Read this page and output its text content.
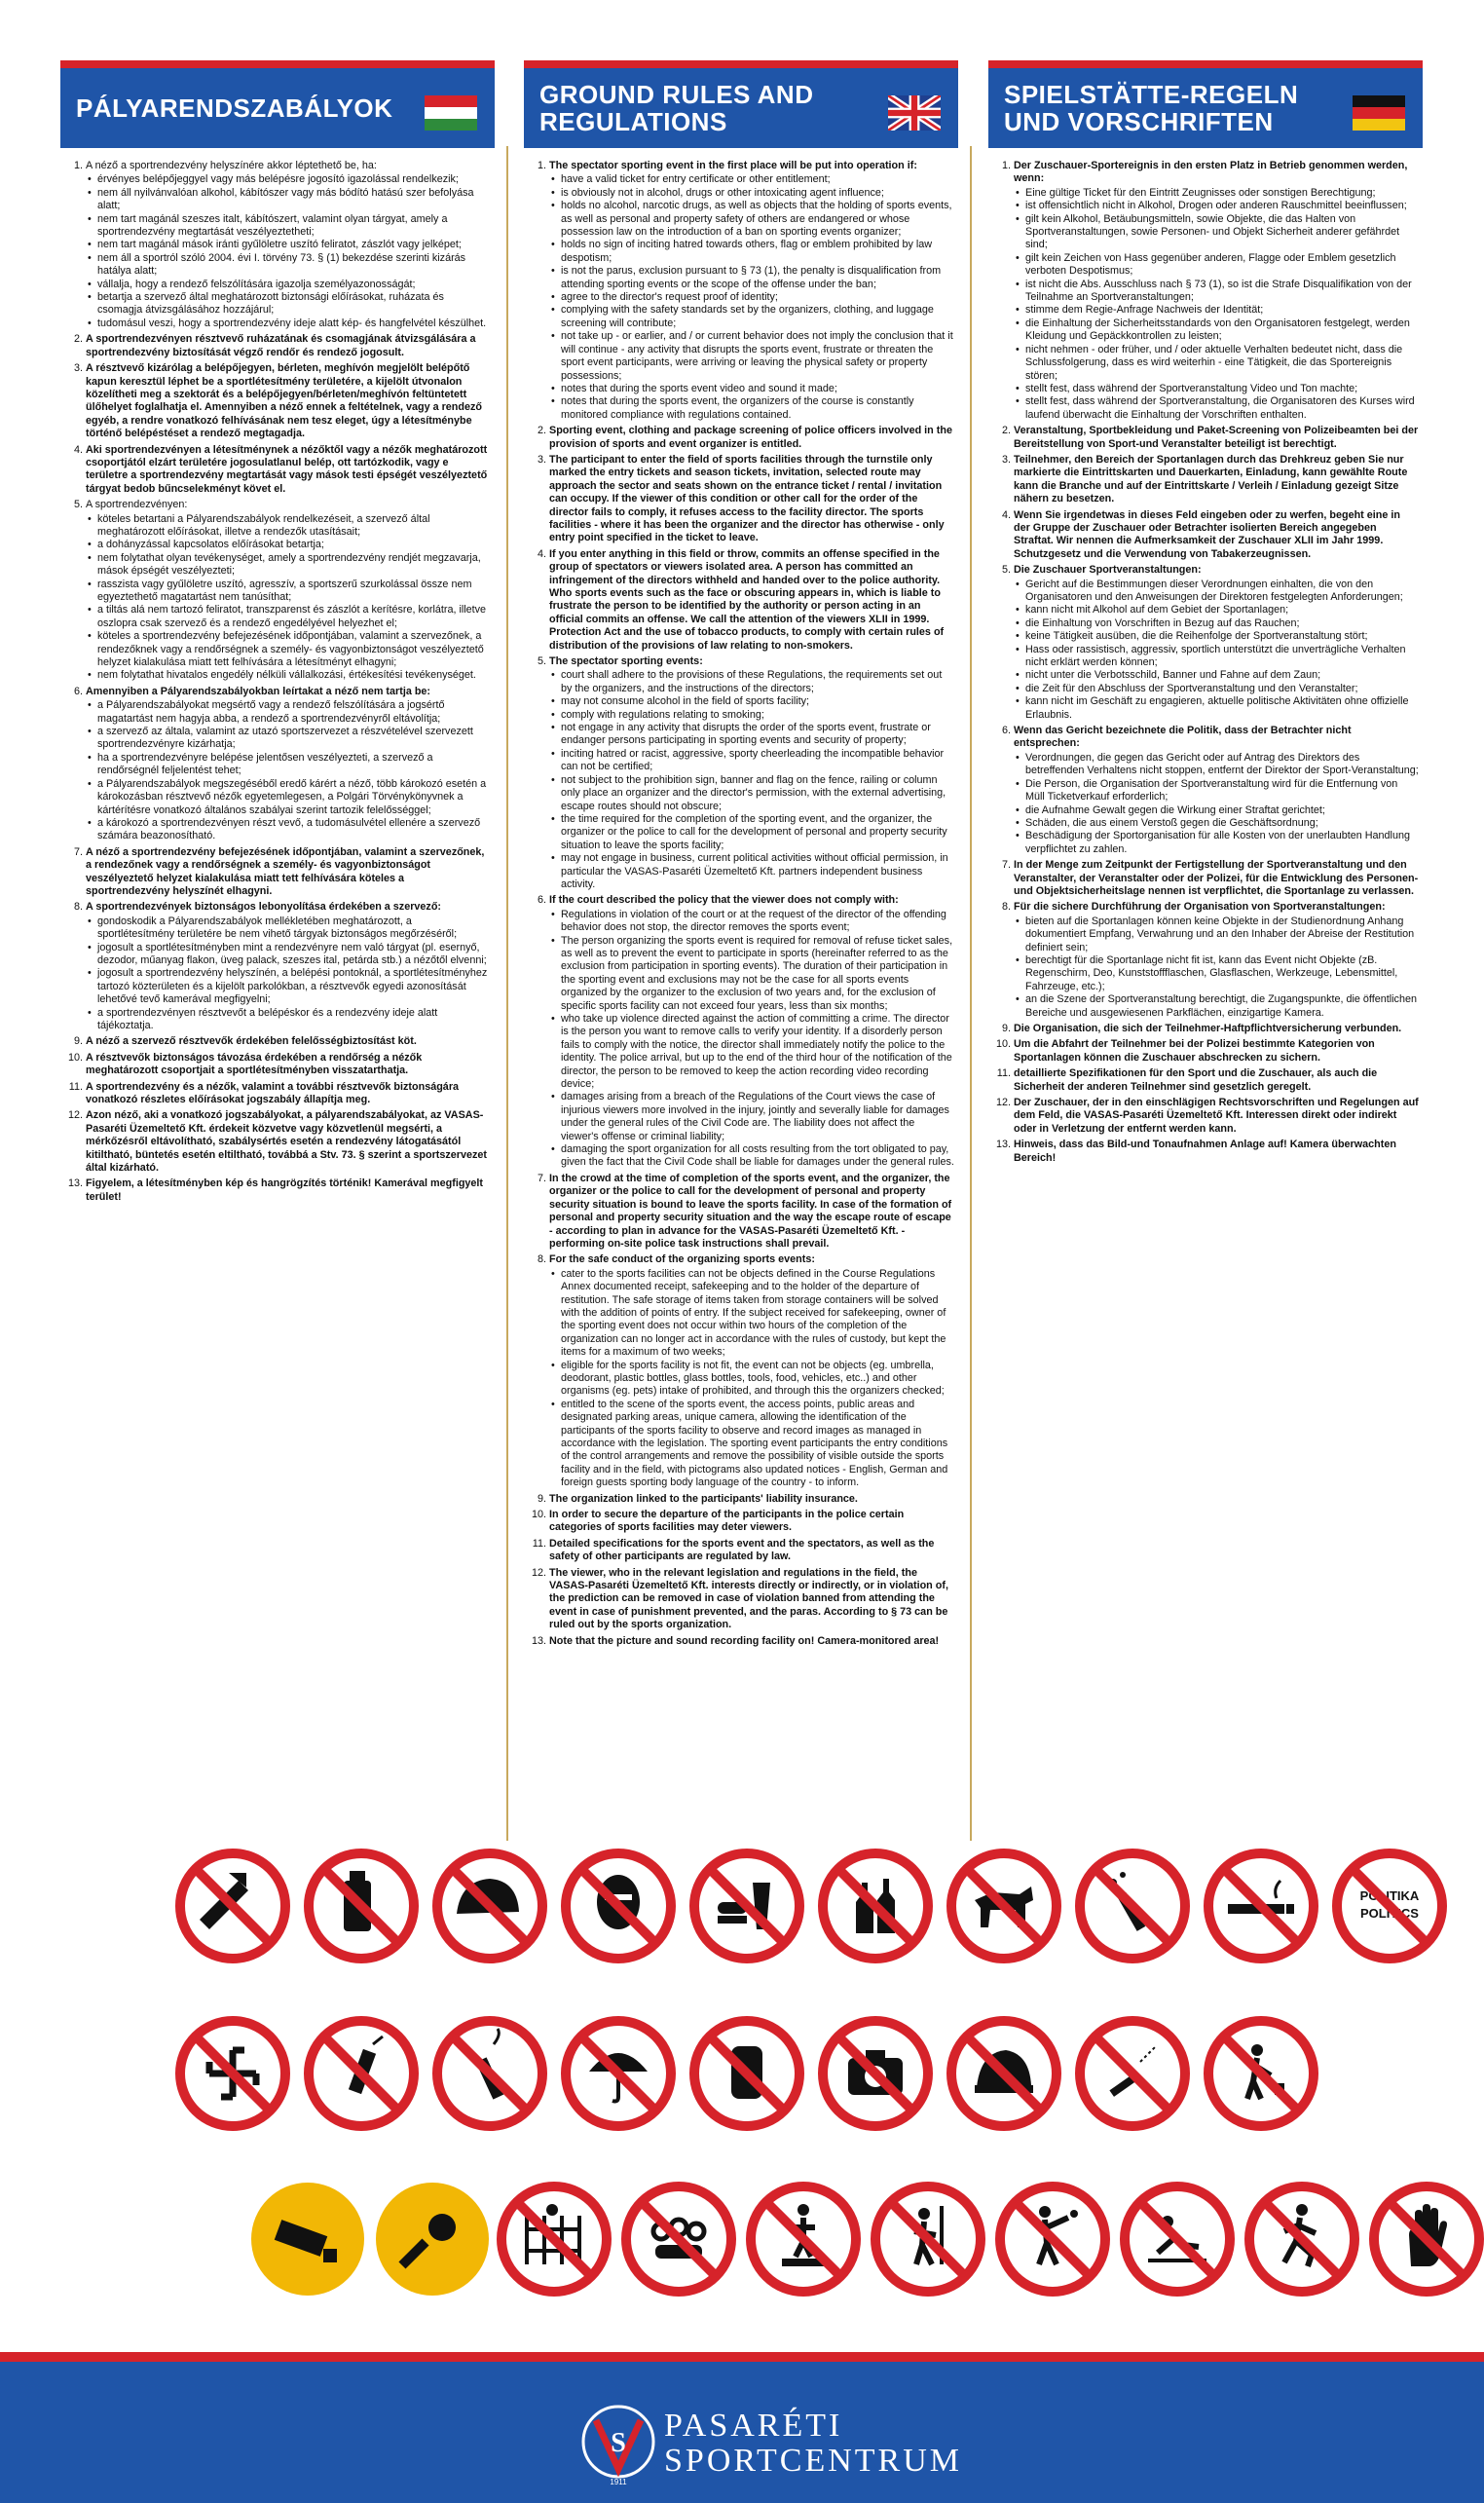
PÁLYARENDSZABÁLYOK
1. A néző a sportrendezvény helyszínére akkor léptethető be, ha:
• érvényes belépőjeggyel vagy más belépésre jogosító igazolással rendelkezik;
• nem áll nyilvánvalóan alkohol, kábítószer vagy más bódító hatású szer befolyása alatt;
• nem tart magánál szeszes italt, kábítószert, valamint olyan tárgyat, amely a sportrendezvény megtartását veszélyeztetheti;
• nem tart magánál mások iránti gyűlöletre uszító feliratot, zászlót vagy jelképet;
• nem áll a sportról szóló 2004. évi I. törvény 73. § (1) bekezdése szerinti kizárás hatálya alatt;
• vállalja, hogy a rendező felszólítására igazolja személyazonosságát;
• betartja a szervező által meghatározott biztonsági előírásokat, ruházata és csomagja átvizsgálásához hozzájárul;
• tudomásul veszi, hogy a sportrendezvény ideje alatt kép- és hangfelvétel készülhet.
2. A sportrendezvényen résztvevő ruházatának és csomagjának átvizsgálására a sportrendezvény biztosítását végző rendőr és rendező jogosult.
3. A résztvevő kizárólag a belépőjegyen, bérleten, meghívón megjelölt belépőtő kapun keresztül léphet be a sportlétesítmény területére, a kijelölt útvonalon közelítheti meg a szektorát és a belépőjegyen/bérleten/meghívón feltüntetett ülőhelyet foglalhatja el. Amennyiben a néző ennek a feltételnek, vagy a rendező egyéb, a rendre vonatkozó felhívásának nem tesz eleget, úgy a létesítménybe történő belépéstéset a rendező megtagadja.
4. Aki sportrendezvényen a létesítménynek a nézőktől vagy a nézők meghatározott csoportjától elzárt területére jogosulatlanul belép, ott tartózkodik, vagy e területre a sportrendezvény megtartását vagy mások testi épségét veszélyeztető tárgyat bedob bűncselekményt követ el.
5. A sportrendezvényen:
• köteles betartani a Pályarendszabályok rendelkezéseit, a szervező által meghatározott előírásokat, illetve a rendezők utasításait;
• a dohányzással kapcsolatos előírásokat betartja;
• nem folytathat olyan tevékenységet, amely a sportrendezvény rendjét megzavarja, mások épségét veszélyezteti;
• rasszista vagy gyűlöletre uszító, agresszív, a sportszerű szurkolással össze nem egyeztethető magatartást nem tanúsíthat;
• a tiltás alá nem tartozó feliratot, transzparenst és zászlót a kerítésre, korlátra, illetve oszlopra csak szervező és a rendező engedélyével helyezhet el;
• köteles a sportrendezvény befejezésének időpontjában, valamint a szervezőnek, a rendezőknek vagy a rendőrségnek a személy- és vagyonbiztonságot veszélyeztető helyzet kialakulása miatt tett felhívására a létesítményt elhagyni;
• nem folytathat hivatalos engedély nélküli vállalkozási, értékesítési tevékenységet.
6. Amennyiben a Pályarendszabályokban leírtakat a néző nem tartja be:
• a Pályarendszabályokat megsértő vagy a rendező felszólítására a jogsértő magatartást nem hagyja abba, a rendező a sportrendezvényről eltávolítja;
• a szervező az általa, valamint az utazó sportszervezet a részvételével szervezett sportrendezvényre kizárhatja;
• ha a sportrendezvényre belépése jelentősen veszélyezteti, a szervező a rendőrségnél feljelentést tehet;
• a Pályarendszabályok megszegéséből eredő kárért a néző, több károkozó esetén a károkozásban résztvevő nézők egyetemlegesen, a Polgári Törvénykönyvnek a kártérítésre vonatkozó általános szabályai szerint tartozik felelősséggel;
• a károkozó a sportrendezvényen részt vevő, a tudomásulvétel ellenére a szervező számára beazonosítható.
7. A néző a sportrendezvény befejezésének időpontjában, valamint a szervezőnek, a rendezőnek vagy a rendőrségnek a személy- és vagyonbiztonságot veszélyeztető helyzet kialakulása miatt tett felhívására köteles a sportrendezvény helyszínét elhagyni.
8. A sportrendezvények biztonságos lebonyolítása érdekében a szervező:
• gondoskodik a Pályarendszabályok mellékletében meghatározott, a sportlétesítmény területére be nem vihető tárgyak biztonságos megőrzéséről;
• jogosult a sportlétesítményben mint a rendezvényre nem való tárgyat (pl. esernyő, dezodor, műanyag flakon, üveg palack, szeszes ital, petárda stb.) a nézőtől elvenni;
• jogosult a sportrendezvény helyszínén, a belépési pontoknál, a sportlétesítményhez tartozó közterületen és a kijelölt parkolókban, a résztvevők egyedi azonosítását lehetővé tevő kamerával megfigyelni;
• a sportrendezvényen résztvevőt a belépéskor és a rendezvény ideje alatt tájékoztatja.
9. A néző a szervező résztvevők érdekében felelősségbiztosítást köt.
10. A résztvevők biztonságos távozása érdekében a rendőrség a nézők meghatározott csoportjait a sportlétesítményben visszatarthatja.
11. A sportrendezvény és a nézők, valamint a további résztvevők biztonságára vonatkozó részletes előírásokat jogszabály állapítja meg.
12. Azon néző, aki a vonatkozó jogszabályokat, a pályarendszabályokat, az VASAS-Pasaréti Üzemeltető Kft. érdekeit közvetve vagy közvetlenül megsérti, a mérkőzésről eltávolítható, szabálysértés esetén a rendezvény látogatásától kitiltható, büntetés esetén eltiltható, továbbá a Stv. 73. § szerint a sportszervezet által kizárható.
13. Figyelem, a létesítményben kép és hangrögzítés történik! Kamerával megfigyelt terület!
GROUND RULES AND REGULATIONS
1. The spectator sporting event in the first place will be put into operation if:
• have a valid ticket for entry certificate or other entitlement;
• is obviously not in alcohol, drugs or other intoxicating agent influence;
• holds no alcohol, narcotic drugs, as well as objects that the holding of sports events, as well as personal and property safety of others are endangered or whose possession law on the introduction of a ban on sporting events organizer;
• holds no sign of inciting hatred towards others, flag or emblem prohibited by law despotism;
• is not the parus, exclusion pursuant to § 73 (1), the penalty is disqualification from attending sporting events or the scope of the offense under the ban;
• agree to the director's request proof of identity;
• complying with the safety standards set by the organizers, clothing, and luggage screening will contribute;
• not take up - or earlier, and / or current behavior does not imply the conclusion that it will continue - any activity that disrupts the sports event, frustrate or threaten the sport event participants, were arriving or leaving the physical safety or property possessions;
• notes that during the sports event video and sound it made;
• notes that during the sports event, the organizers of the course is constantly monitored compliance with regulations contained.
2. Sporting event, clothing and package screening of police officers involved in the provision of sports and event organizer is entitled.
3. The participant to enter the field of sports facilities through the turnstile only marked the entry tickets and season tickets, invitation, selected route may approach the sector and seats shown on the entrance ticket / rental / invitation can occupy. If the viewer of this condition or other call for the order of the director fails to comply, it refuses access to the facility director. The sports facilities - where it has been the organizer and the director has otherwise - only entry point specified in the ticket to leave.
4. If you enter anything in this field or throw, commits an offense specified in the group of spectators or viewers isolated area. A person has committed an infringement of the directors withheld and handed over to the police authority. Who sports events such as the face or obscuring appears in, which is liable to frustrate the person to be identified by the authority or person acting in an official commits an offense. We call the attention of the viewers XLII in 1999. Protection Act and the use of tobacco products, to comply with certain rules of distribution of the provisions of law relating to non-smokers.
5. The spectator sporting events:
• court shall adhere to the provisions of these Regulations, the requirements set out by the organizers, and the instructions of the directors;
• may not consume alcohol in the field of sports facility;
• comply with regulations relating to smoking;
• not engage in any activity that disrupts the order of the sports event, frustrate or endanger persons participating in sporting events and security of property;
• inciting hatred or racist, aggressive, sporty cheerleading the incompatible behavior can not be certified;
• not subject to the prohibition sign, banner and flag on the fence, railing or column only place an organizer and the director's permission, with the external advertising, escape routes should not obscure;
• the time required for the completion of the sporting event, and the organizer, the organizer or the police to call for the development of personal and property security situation to leave the sports facility;
• may not engage in business, current political activities without official permission, in particular the VASAS-Pasaréti Üzemeltető Kft. partners independent business activity.
6. If the court described the policy that the viewer does not comply with:
• Regulations in violation of the court or at the request of the director of the offending behavior does not stop, the director removes the sports event;
• The person organizing the sports event is required for removal of refuse ticket sales, as well as to prevent the event to participate in sports (hereinafter referred to as the exclusion from participation in sporting events). The duration of their participation in the sporting event and exclusions may not be the case for all sports events organized by the organizer to the exclusion of two years and, for the exclusion of specific sports facility can not exceed four years, less than six months;
• who take up violence directed against the action of committing a crime. The director is the person you want to remove calls to verify your identity. If a disorderly person fails to comply with the notice, the director shall immediately notify the police to the identity. The police arrival, but up to the end of the third hour of the notification of the director, the person to be removed to keep the action recording video recording device;
• damages arising from a breach of the Regulations of the Court views the case of injurious viewers more involved in the injury, jointly and severally liable for damages under the general rules of the Civil Code are. The liability does not affect the viewer's offense or criminal liability;
• damaging the sport organization for all costs resulting from the tort obligated to pay, given the fact that the Civil Code shall be liable for damages under the general rules.
7. In the crowd at the time of completion of the sports event, and the organizer, the organizer or the police to call for the development of personal and property security situation is bound to leave the sports facility. In case of the formation of personal and property security situation and the way the escape route of escape - according to plan in advance for the VASAS-Pasaréti Üzemeltető Kft. - performing on-site police task instructions shall prevail.
8. For the safe conduct of the organizing sports events:
• cater to the sports facilities can not be objects defined in the Course Regulations Annex documented receipt, safekeeping and to the holder of the departure of restitution. The safe storage of items taken from storage containers will be solved with the addition of points of entry. If the subject received for safekeeping, owner of the sporting event does not occur within two hours of the completion of the organization can no longer act in accordance with the rules of custody, but kept the items for a maximum of two weeks;
• eligible for the sports facility is not fit, the event can not be objects (eg. umbrella, deodorant, plastic bottles, glass bottles, tools, food, vehicles, etc..) and other organisms (eg. pets) intake of prohibited, and through this the organizers checked;
• entitled to the scene of the sports event, the access points, public areas and designated parking areas, unique camera, allowing the identification of the participants of the sports facility to observe and record images as managed in accordance with the legislation. The sporting event participants the entry conditions of the control arrangements and remove the possibility of visible outside the sports facility and in the field, with pictograms also updated notices - English, German and foreign guests sporting body language of the country - to inform.
9. The organization linked to the participants' liability insurance.
10. In order to secure the departure of the participants in the police certain categories of sports facilities may deter viewers.
11. Detailed specifications for the sports event and the spectators, as well as the safety of other participants are regulated by law.
12. The viewer, who in the relevant legislation and regulations in the field, the VASAS-Pasaréti Üzemeltető Kft. interests directly or indirectly, or in violation of, the prediction can be removed in case of violation banned from attending the event in case of punishment prevented, and the paras. According to § 73 can be ruled out by the sports organization.
13. Note that the picture and sound recording facility on! Camera-monitored area!
SPIELSTÄTTE-REGELN UND VORSCHRIFTEN
1. Der Zuschauer-Sportereignis in den ersten Platz in Betrieb genommen werden, wenn:
• Eine gültige Ticket für den Eintritt Zeugnisses oder sonstigen Berechtigung;
• ist offensichtlich nicht in Alkohol, Drogen oder anderen Rauschmittel beeinflussen;
• gilt kein Alkohol, Betäubungsmitteln, sowie Objekte, die das Halten von Sportveranstaltungen, sowie Personen- und Objekt Sicherheit anderer gefährdet sind;
• gilt kein Zeichen von Hass gegenüber anderen, Flagge oder Emblem gesetzlich verboten Despotismus;
• ist nicht die Abs. Ausschluss nach § 73 (1), so ist die Strafe Disqualifikation von der Teilnahme an Sportveranstaltungen;
• stimme dem Regie-Anfrage Nachweis der Identität;
• die Einhaltung der Sicherheitsstandards von den Organisatoren festgelegt, werden Kleidung und Gepäckkontrollen zu leisten;
• nicht nehmen - oder früher, und / oder aktuelle Verhalten bedeutet nicht, dass die Schlussfolgerung, dass es wird weiterhin - eine Tätigkeit, die das Sportereignis stören;
• stellt fest, dass während der Sportveranstaltung Video und Ton machte;
• stellt fest, dass während der Sportveranstaltung, die Organisatoren des Kurses wird laufend überwacht die Einhaltung der Vorschriften enthalten.
2. Veranstaltung, Sportbekleidung und Paket-Screening von Polizeibeamten bei der Bereitstellung von Sport-und Veranstalter beteiligt ist berechtigt.
3. Teilnehmer, den Bereich der Sportanlagen durch das Drehkreuz geben Sie nur markierte die Eintrittskarten und Dauerkarten, Einladung, kann gewählte Route kann die Branche und auf der Eintrittskarte / Verleih / Einladung gezeigt Sitze nähern zu besetzen.
4. Wenn Sie irgendetwas in dieses Feld eingeben oder zu werfen, begeht eine in der Gruppe der Zuschauer oder Betrachter isolierten Bereich angegeben Straftat. Wir nennen die Aufmerksamkeit der Zuschauer XLII im Jahr 1999. Schutzgesetz und die Verwendung von Tabakerzeugnissen.
5. Die Zuschauer Sportveranstaltungen:
• Gericht auf die Bestimmungen dieser Verordnungen einhalten, die von den Organisatoren und den Anweisungen der Direktoren festgelegten Anforderungen;
• kann nicht mit Alkohol auf dem Gebiet der Sportanlagen;
• die Einhaltung von Vorschriften in Bezug auf das Rauchen;
• keine Tätigkeit ausüben, die die Reihenfolge der Sportveranstaltung stört;
• Hass oder rassistisch, aggressiv, sportlich unterstützt die unverträgliche Verhalten nicht erklärt werden können;
• nicht unter die Verbotsschild, Banner und Fahne auf dem Zaun;
• die Zeit für den Abschluss der Sportveranstaltung und den Veranstalter;
• kann nicht im Geschäft zu engagieren, aktuelle politische Aktivitäten ohne offizielle Erlaubnis.
6. Wenn das Gericht bezeichnete die Politik, dass der Betrachter nicht entsprechen:
• Verordnungen, die gegen das Gericht oder auf Antrag des Direktors des betreffenden Verhaltens nicht stoppen, entfernt der Direktor der Sport-Veranstaltung;
• Die Person, die Organisation der Sportveranstaltung wird für die Entfernung von Müll Ticketverkauf erforderlich;
• die Aufnahme Gewalt gegen die Wirkung einer Straftat gerichtet;
• Schäden, die aus einem Verstoß gegen die Geschäftsordnung;
• Beschädigung der Sportorganisation für alle Kosten von der unerlaubten Handlung verpflichtet zu zahlen.
7. In der Menge zum Zeitpunkt der Fertigstellung der Sportveranstaltung und den Veranstalter, der Veranstalter oder der Polizei, für die Entwicklung des Personen-und Objektsicherheitslage nennen ist verpflichtet, die Sportanlage zu verlassen.
8. Für die sichere Durchführung der Organisation von Sportveranstaltungen:
• bieten auf die Sportanlagen können keine Objekte in der Studienordnung Anhang dokumentiert Empfang, Verwahrung und an den Inhaber der Abreise der Restitution definiert sein;
• berechtigt für die Sportanlage nicht fit ist, kann das Event nicht Objekte (zB. Regenschirm, Deo, Kunststoffflaschen, Glasflaschen, Werkzeuge, Lebensmittel, Fahrzeuge, etc.);
• an die Szene der Sportveranstaltung berechtigt, die Zugangspunkte, die öffentlichen Bereiche und ausgewiesenen Parkflächen, einzigartige Kamera.
9. Die Organisation, die sich der Teilnehmer-Haftpflichtversicherung verbunden.
10. Um die Abfahrt der Teilnehmer bei der Polizei bestimmte Kategorien von Sportanlagen können die Zuschauer abschrecken zu sichern.
11. detaillierte Spezifikationen für den Sport und die Zuschauer, als auch die Sicherheit der anderen Teilnehmer sind gesetzlich geregelt.
12. Der Zuschauer, der in den einschlägigen Rechtsvorschriften und Regelungen auf dem Feld, die VASAS-Pasaréti Üzemeltető Kft. Interessen direkt oder indirekt oder in Verletzung der entfernt werden kann.
13. Hinweis, dass das Bild-und Tonaufnahmen Anlage auf! Kamera überwachten Bereich!
POLITIKA
POLITICS
S
1911
PASARÉTI
SPORTCENTRUM
